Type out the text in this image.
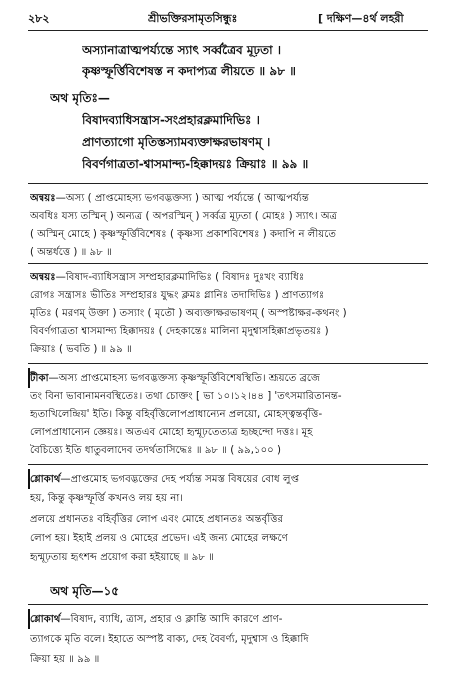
২৮২	শ্রীভক্তিরসামৃতসিন্ধুঃ	[ দক্ষিণ—৪র্থ লহরী
অস্যানাত্ৰাত্মপর্য্যন্তে স্যাৎ সর্ব্বত্রৈব মূঢ়তা ।
কৃষ্ণস্ফূর্ত্তিবিশেষস্ত ন কদাপ্যত্র লীয়তে ॥ ৯৮ ॥
অথ মৃতিঃ—
বিষাদব্যাধিসন্ত্রাস-সংপ্রহারক্লমাদিভিঃ ।
প্রাণত্যাগো মৃতিস্তস্যামব্যক্তাক্ষরভাষণম্ ।
বিবর্ণগাত্রতা-শ্বাসমান্দ্য-হিক্কাদয়ঃ ক্রিয়াঃ ॥ ৯৯ ॥
অন্বয়ঃ—অস্য ( প্রাপ্তমোহস্য ভগবদ্ভক্তস্য ) আত্ম পর্য্যন্তে ( আত্মপর্য্যন্ত
অবধিঃ যস্য তস্মিন্ ) অন্যত্র ( অপরস্মিন্ ) সর্ব্বত্র মূঢ়তা ( মোহঃ ) স্যাৎ। অত্র
( অস্মিন্ মোহে ) কৃষ্ণস্ফূর্ত্তিবিশেষঃ ( কৃষ্ণস্য প্রকাশবিশেষঃ ) কদাপি ন লীয়তে
( অন্তর্ধত্তে ) ॥ ৯৮ ॥
অন্বয়ঃ—বিষাদ-ব্যাধিসন্ত্রাস সম্প্রহারক্লমাদিভিঃ ( বিষাদঃ দুঃখং ব্যাধিঃ
রোগঃ সন্ত্রাসঃ ভীতিঃ সম্প্রহারঃ যুদ্ধং ক্লমঃ গ্লানিঃ তদাদিভিঃ ) প্রাণত্যাগঃ
মৃতিঃ ( মরণম্ উক্তা ) তস্যাং ( মৃতৌ ) অব্যক্তাক্ষরভাষণম্ ( অস্পষ্টাক্ষর-কথনং )
বিবর্ণগাত্রতা শ্বাসমান্দ্য হিক্কাদয়ঃ ( দেহকান্তেঃ মালিনা মৃদুশ্বাসহিক্কাপ্রভৃতয়ঃ )
ক্রিয়াঃ ( ভবতি ) ॥ ৯৯ ॥
টীকা—অস্য প্রাপ্তমোহস্য ভগবদ্ভক্তস্য কৃষ্ণস্ফূর্ত্তিবিশেষস্থিতি। শ্রূয়তে ব্রজে
তং বিনা ভাবানামনবস্থিতেঃ। তথা চোক্তং [ ভা ১০।১২।৪৪ ] 'তৎসমারিতানন্ত-
হৃতাখিলেন্দ্রিয়' ইতি। কিন্তু বহির্বৃত্তিলোপপ্রাধান্যেন প্রলয়ো, মোহস্ত্বন্তর্বৃত্তি-
লোপপ্রাধান্যেন জ্ঞেয়ঃ। অতএব মোহো হৃন্মূঢ়তেত্যত্র হৃচ্ছন্দো দত্তঃ। মূহ
বৈচিত্ত্যে ইতি ধাতুবলাদেব তদর্থতাসিদ্ধেঃ ॥ ৯৮ ॥ ( ৯৯,১০০ )
শ্লোকার্থ—প্রাপ্তমোহ ভগবদ্ভক্তের দেহ পর্য্যন্ত সমস্ত বিষয়ের বোধ লুপ্ত
হয়, কিন্তু কৃষ্ণস্ফূর্ত্তি কখনও লয় হয় না।
প্রলয়ে প্রধানতঃ বহির্বৃত্তির লোপ এবং মোহে প্রধানতঃ অন্তর্বৃত্তির
লোপ হয়। ইহাই প্রলয় ও মোহের প্রভেদ। এই জন্য মোহের লক্ষণে
হৃন্মূঢ়তায় হৃৎশব্দ প্রয়োগ করা হইয়াছে ॥ ৯৮ ॥
অথ মৃতি—১৫
শ্লোকার্থ—বিষাদ, ব্যাধি, ত্রাস, প্রহার ও ক্লান্তি আদি কারণে প্রাণ-
ত্যাগকে মৃতি বলে। ইহাতে অস্পষ্ট বাক্য, দেহ বৈবর্ণ্য, মৃদুশ্বাস ও হিক্কাদি
ক্রিয়া হয় ॥ ৯৯ ॥
